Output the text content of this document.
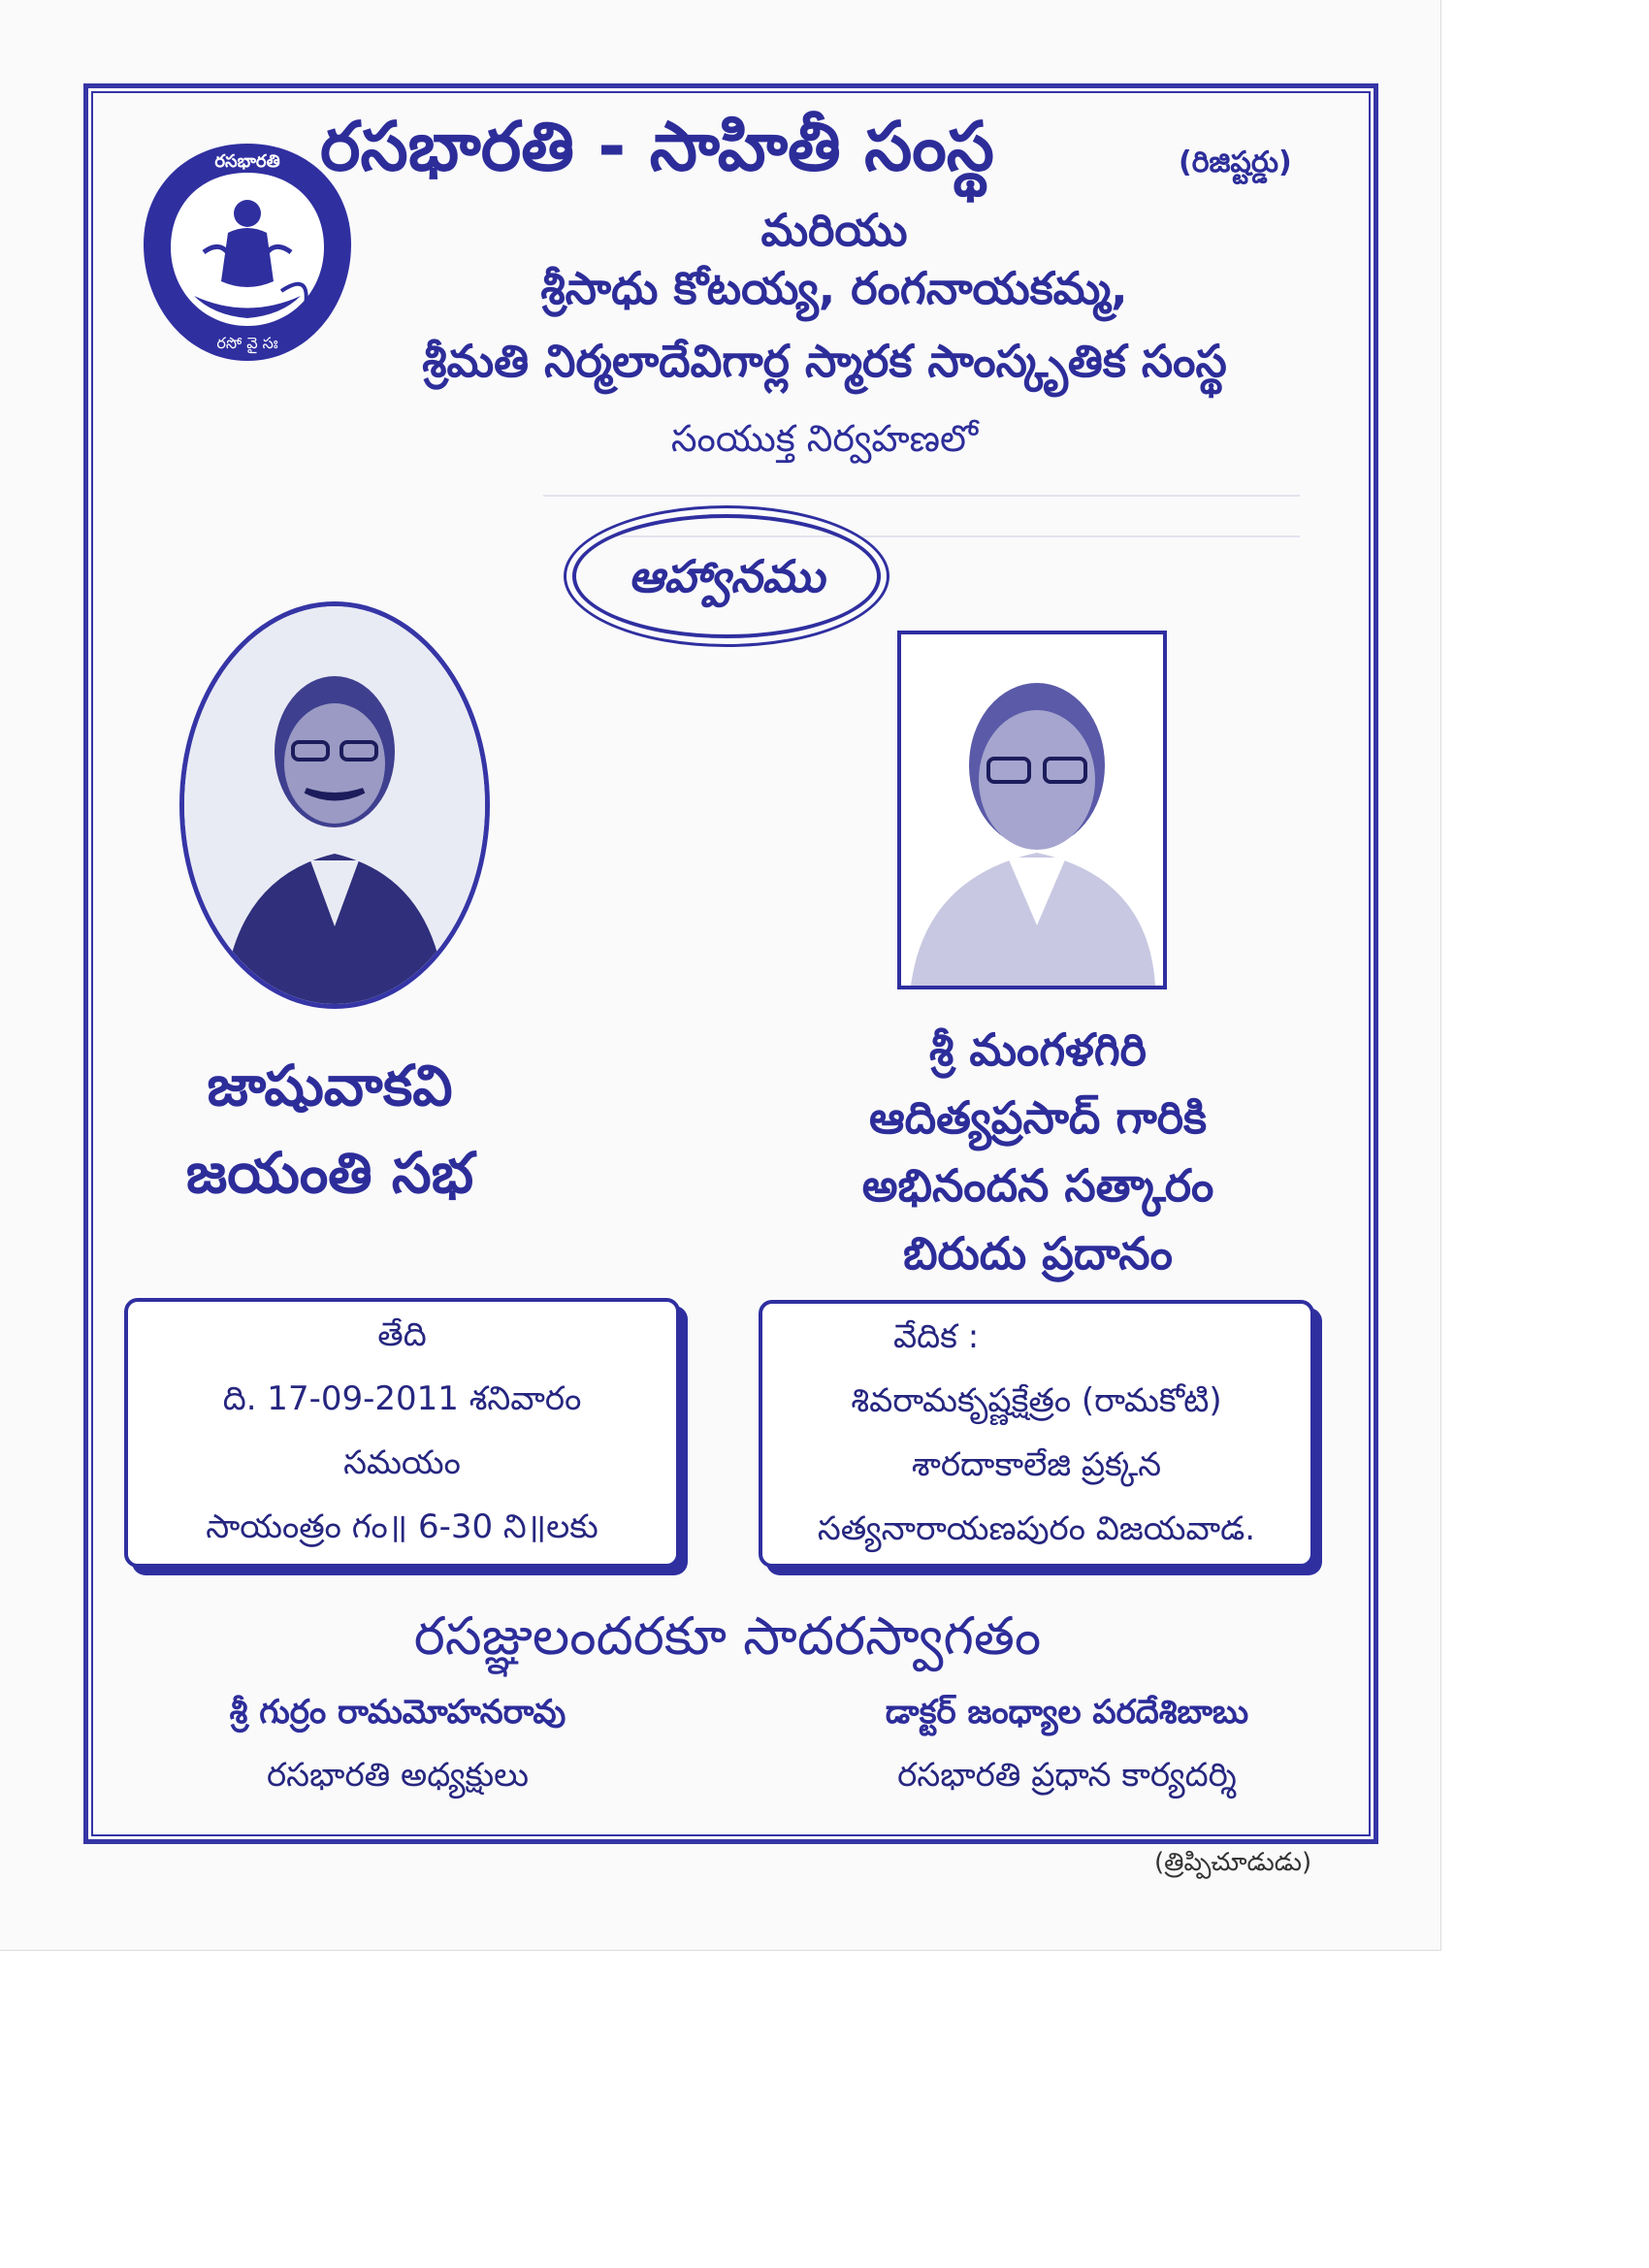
రసభారతి
రసో వై సః
రసభారతి - సాహితీ సంస్థ	(రిజిష్టర్డు)
మరియు
శ్రీసాధు కోటయ్య, రంగనాయకమ్మ,
శ్రీమతి నిర్మలాదేవిగార్ల స్మారక సాంస్కృతిక సంస్థ
సంయుక్త నిర్వహణలో
ఆహ్వానము
జాషువాకవి
జయంతి సభ
శ్రీ మంగళగిరి
ఆదిత్యప్రసాద్ గారికి
అభినందన సత్కారం
బిరుదు ప్రదానం
తేది
ది. 17-09-2011 శనివారం
సమయం
సాయంత్రం గం॥ 6-30 ని॥లకు
వేదిక :
శివరామకృష్ణక్షేత్రం (రామకోటి)
శారదాకాలేజి ప్రక్కన
సత్యనారాయణపురం విజయవాడ.
రసజ్ఞులందరకూ సాదరస్వాగతం
శ్రీ గుర్రం రామమోహనరావు
రసభారతి అధ్యక్షులు
డాక్టర్ జంధ్యాల పరదేశిబాబు
రసభారతి ప్రధాన కార్యదర్శి
(త్రిప్పిచూడుడు)
